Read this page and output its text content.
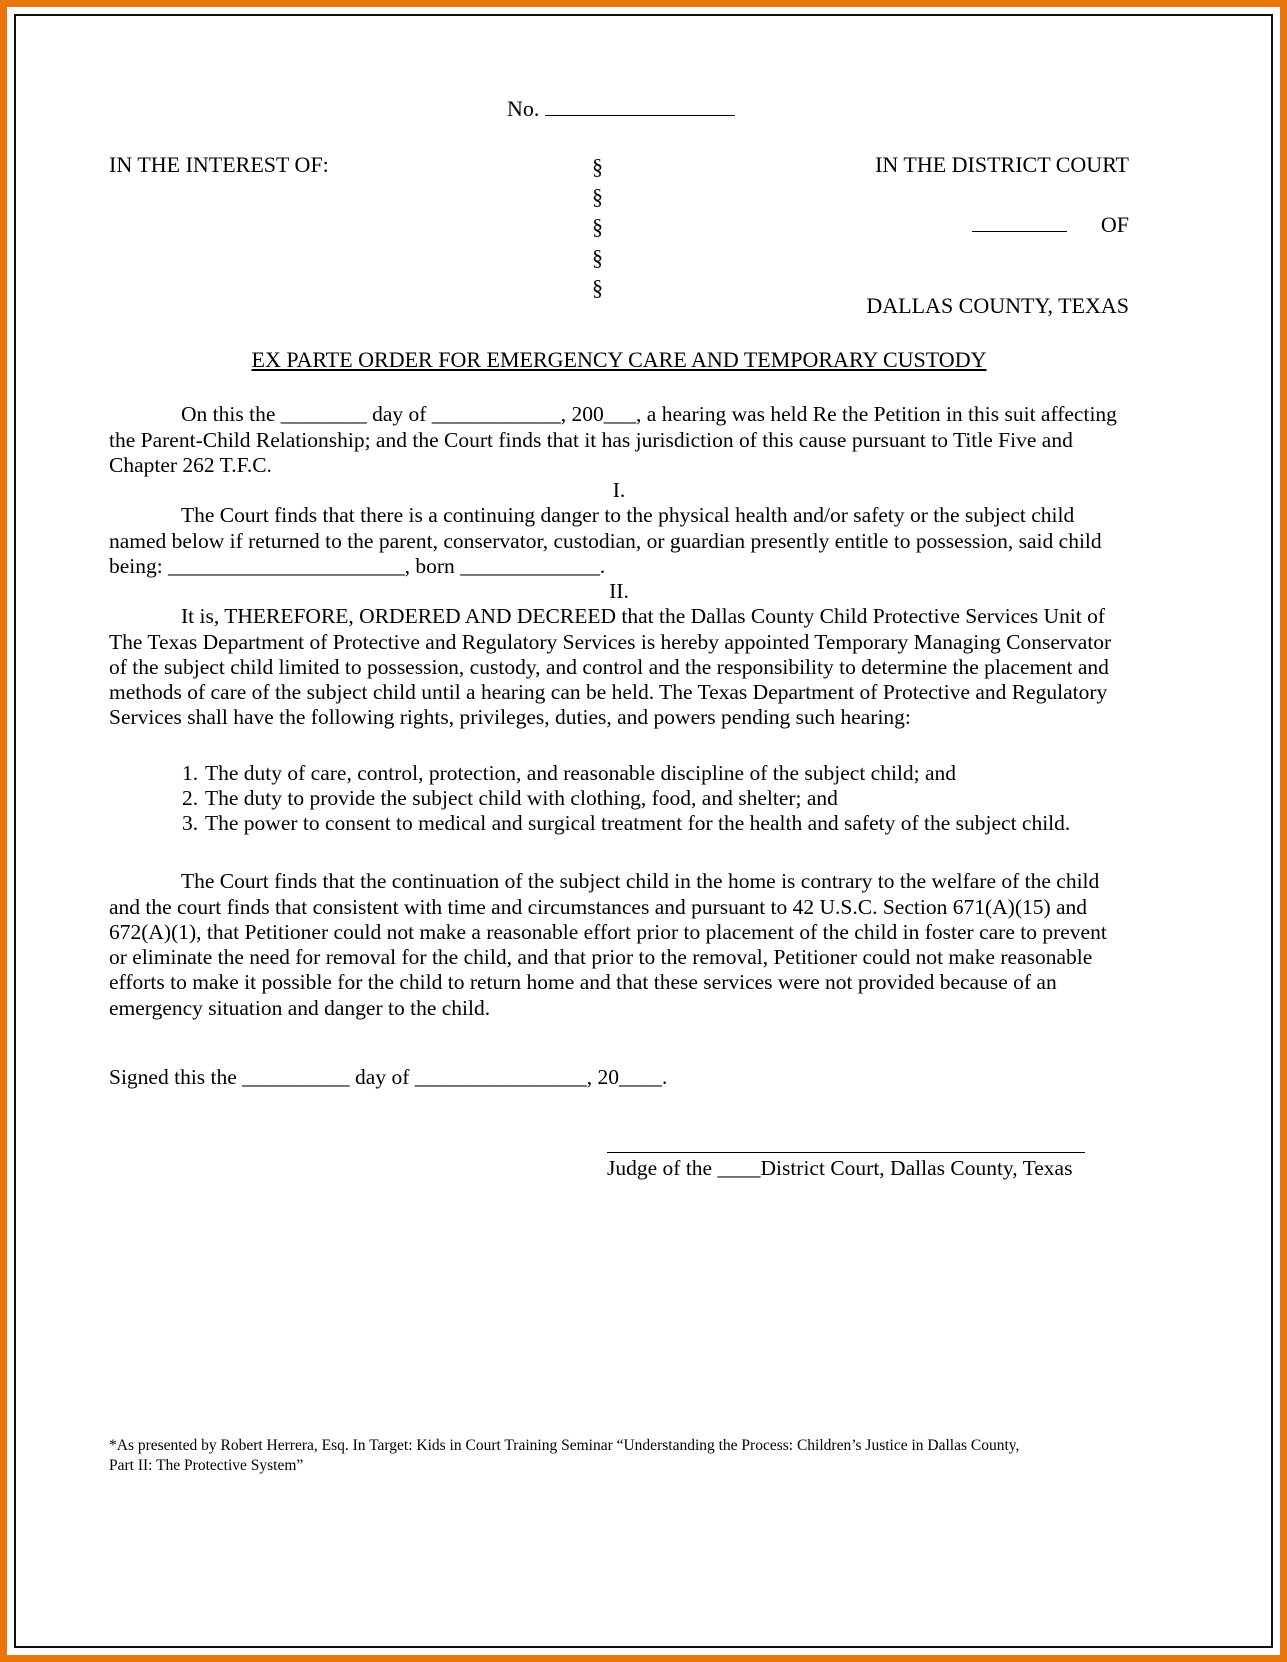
No.
IN THE INTEREST OF:	§
§
§
§
§
IN THE DISTRICT COURT
OF
DALLAS COUNTY, TEXAS
EX PARTE ORDER FOR EMERGENCY CARE AND TEMPORARY CUSTODY

On this the ________ day of ____________, 200___, a hearing was held Re the Petition in this suit affecting the Parent-Child Relationship; and the Court finds that it has jurisdiction of this cause pursuant to Title Five and Chapter 262 T.F.C.

I.

The Court finds that there is a continuing danger to the physical health and/or safety or the subject child named below if returned to the parent, conservator, custodian, or guardian presently entitle to possession, said child being: ______________________, born _____________.

II.

It is, THEREFORE, ORDERED AND DECREED that the Dallas County Child Protective Services Unit of The Texas Department of Protective and Regulatory Services is hereby appointed Temporary Managing Conservator of the subject child limited to possession, custody, and control and the responsibility to determine the placement and methods of care of the subject child until a hearing can be held. The Texas Department of Protective and Regulatory Services shall have the following rights, privileges, duties, and powers pending such hearing:

1. The duty of care, control, protection, and reasonable discipline of the subject child; and
2. The duty to provide the subject child with clothing, food, and shelter; and
3. The power to consent to medical and surgical treatment for the health and safety of the subject child.

The Court finds that the continuation of the subject child in the home is contrary to the welfare of the child and the court finds that consistent with time and circumstances and pursuant to 42 U.S.C. Section 671(A)(15) and 672(A)(1), that Petitioner could not make a reasonable effort prior to placement of the child in foster care to prevent or eliminate the need for removal for the child, and that prior to the removal, Petitioner could not make reasonable efforts to make it possible for the child to return home and that these services were not provided because of an emergency situation and danger to the child.

Signed this the __________ day of ________________, 20____.
Judge of the ____District Court, Dallas County, Texas
*As presented by Robert Herrera, Esq. In Target: Kids in Court Training Seminar “Understanding the Process: Children’s Justice in Dallas County,
Part II: The Protective System”
